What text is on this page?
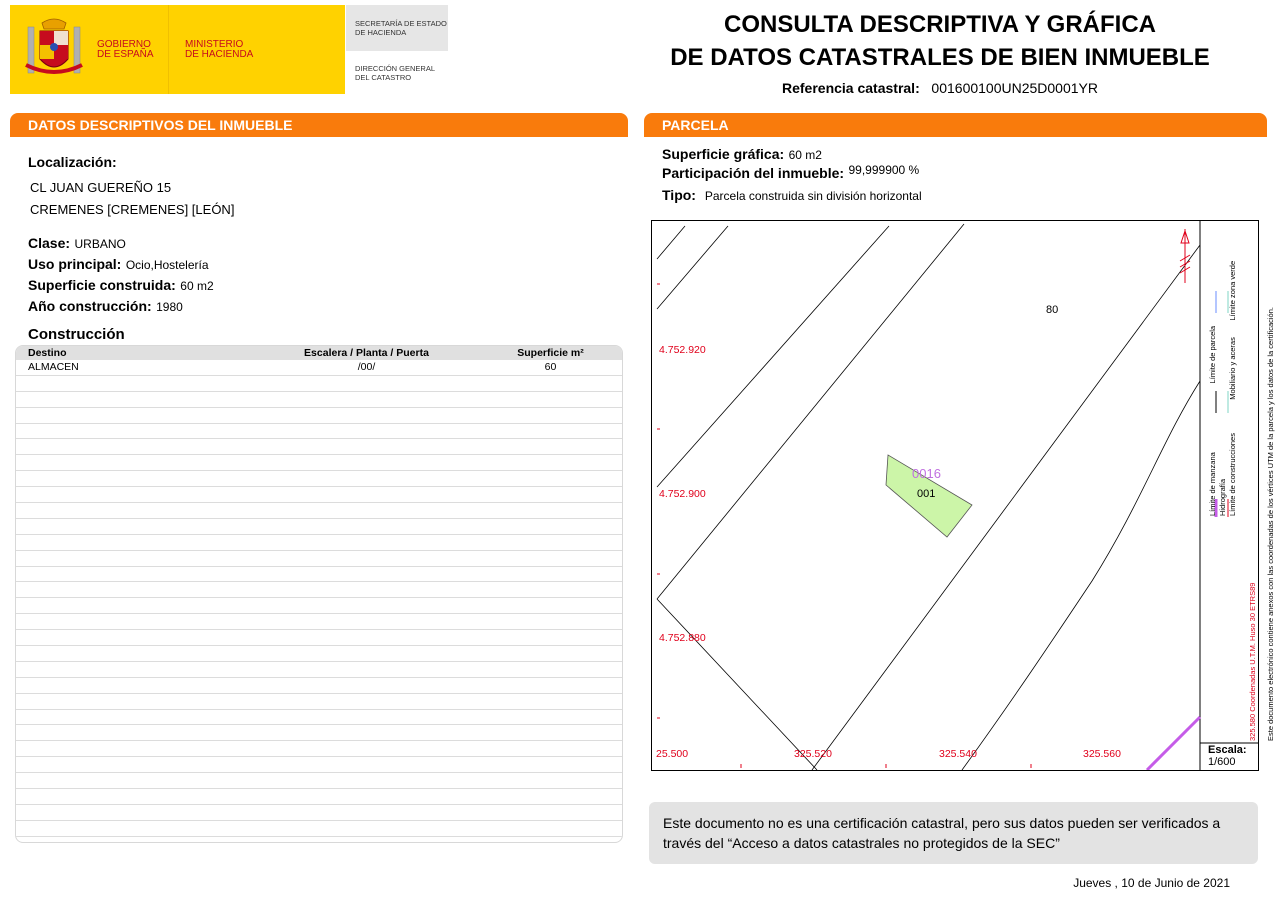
GOBIERNO
DE ESPAÑA
MINISTERIO
DE HACIENDA
SECRETARÍA DE ESTADO
DE HACIENDA
DIRECCIÓN GENERAL
DEL CATASTRO
CONSULTA DESCRIPTIVA Y GRÁFICA
DE DATOS CATASTRALES DE BIEN INMUEBLE
Referencia catastral: 001600100UN25D0001YR
DATOS DESCRIPTIVOS DEL INMUEBLE
Localización:
CL JUAN GUEREÑO 15
CREMENES [CREMENES] [LEÓN]
Clase: URBANO
Uso principal: Ocio,Hostelería
Superficie construida: 60 m2
Año construcción: 1980
Construcción
Destino	Escalera / Planta / Puerta	Superficie m²
ALMACEN	/00/	60
PARCELA
Superficie gráfica: 60 m2
Participación del inmueble: $^{99,999900 \%}$
Tipo: Parcela construida sin división horizontal
4.752.920
4.752.900
4.752.880
25.500	325.520	325.540	325.560
80
0016
001
Escala:
1/600
Límite de manzana                                 Límite de parcela                            Hidrografía Límite de construcciones                Mobiliario y aceras        Límite zona verde
325.580 Coordenadas U.T.M. Huso 30 ETRS89 Este documento electrónico contiene anexos con las coordenadas de los vértices UTM de la parcela y los datos de la certificación.
Este documento no es una certificación catastral, pero sus datos pueden ser verificados a través del “Acceso a datos catastrales no protegidos de la SEC”
Jueves , 10 de Junio de 2021
